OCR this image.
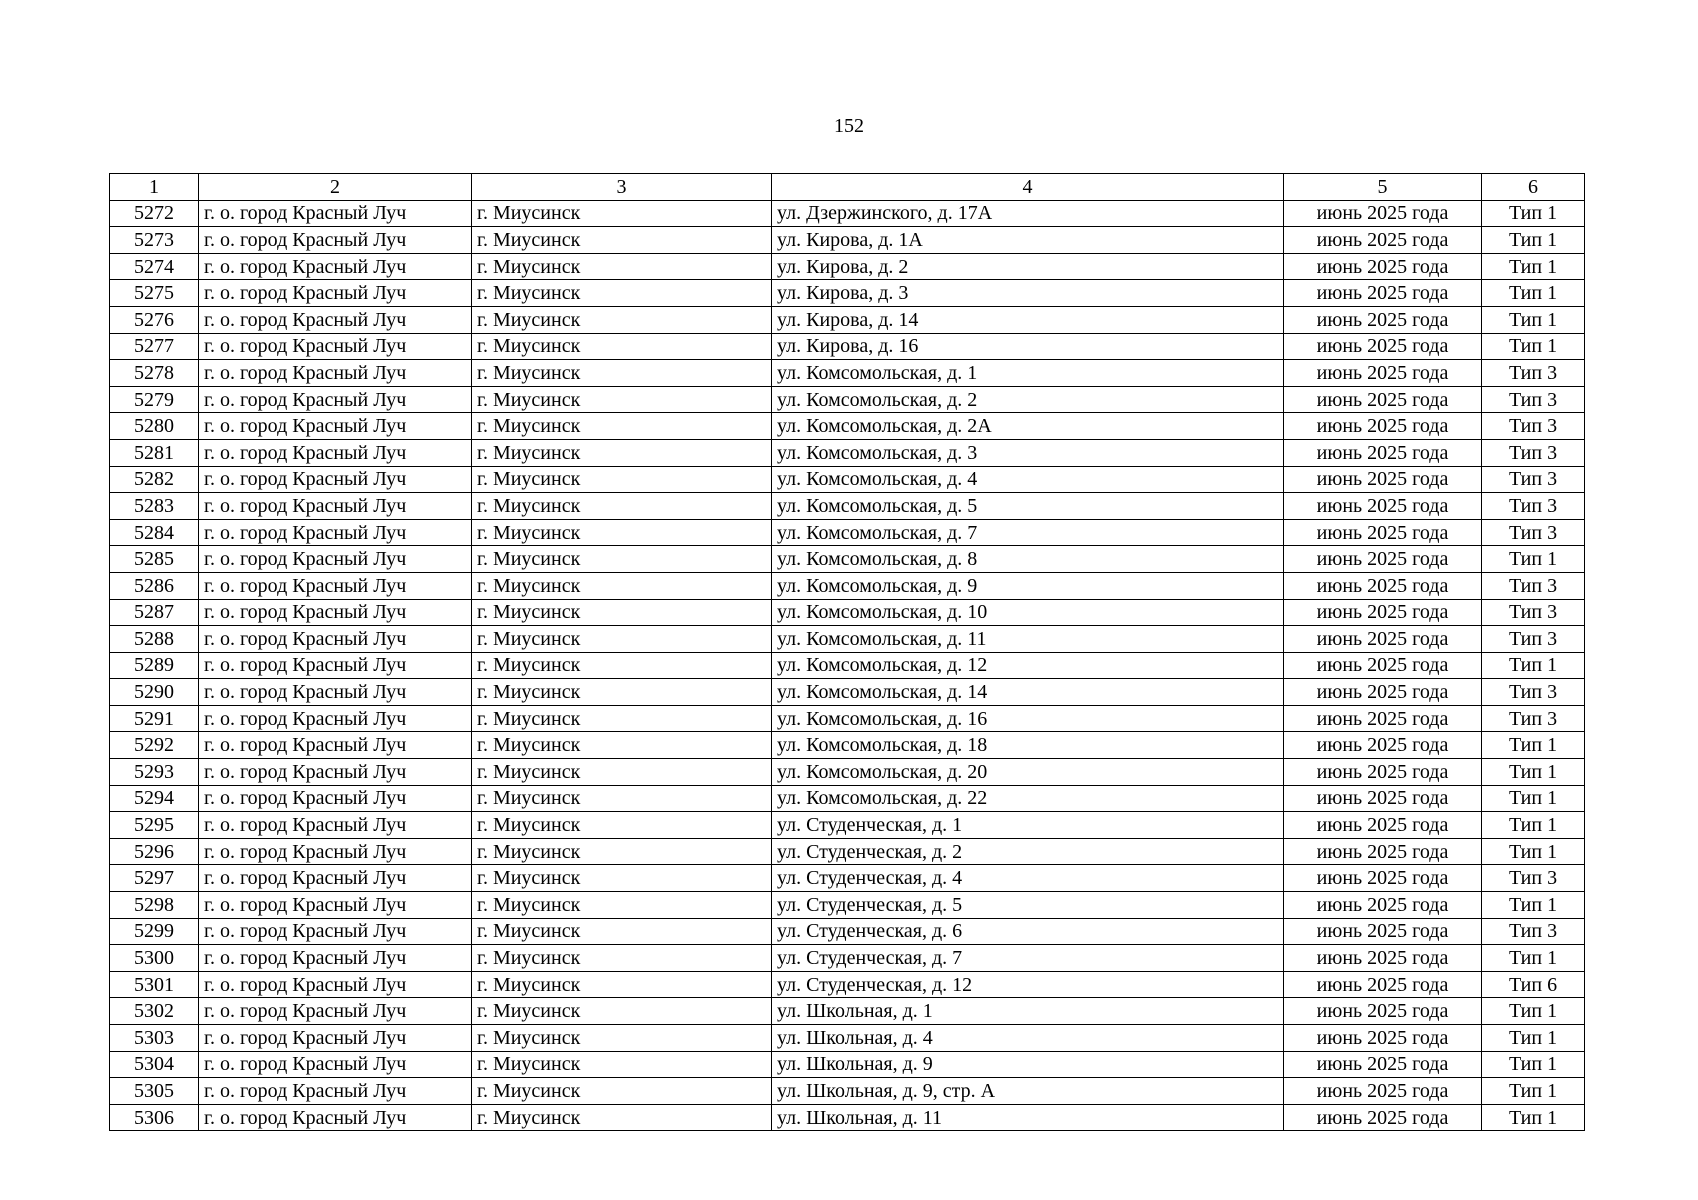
152
1	2	3	4	5	6
5272	г. о. город Красный Луч	г. Миусинск	ул. Дзержинского, д. 17А	июнь 2025 года	Тип 1
5273	г. о. город Красный Луч	г. Миусинск	ул. Кирова, д. 1А	июнь 2025 года	Тип 1
5274	г. о. город Красный Луч	г. Миусинск	ул. Кирова, д. 2	июнь 2025 года	Тип 1
5275	г. о. город Красный Луч	г. Миусинск	ул. Кирова, д. 3	июнь 2025 года	Тип 1
5276	г. о. город Красный Луч	г. Миусинск	ул. Кирова, д. 14	июнь 2025 года	Тип 1
5277	г. о. город Красный Луч	г. Миусинск	ул. Кирова, д. 16	июнь 2025 года	Тип 1
5278	г. о. город Красный Луч	г. Миусинск	ул. Комсомольская, д. 1	июнь 2025 года	Тип 3
5279	г. о. город Красный Луч	г. Миусинск	ул. Комсомольская, д. 2	июнь 2025 года	Тип 3
5280	г. о. город Красный Луч	г. Миусинск	ул. Комсомольская, д. 2А	июнь 2025 года	Тип 3
5281	г. о. город Красный Луч	г. Миусинск	ул. Комсомольская, д. 3	июнь 2025 года	Тип 3
5282	г. о. город Красный Луч	г. Миусинск	ул. Комсомольская, д. 4	июнь 2025 года	Тип 3
5283	г. о. город Красный Луч	г. Миусинск	ул. Комсомольская, д. 5	июнь 2025 года	Тип 3
5284	г. о. город Красный Луч	г. Миусинск	ул. Комсомольская, д. 7	июнь 2025 года	Тип 3
5285	г. о. город Красный Луч	г. Миусинск	ул. Комсомольская, д. 8	июнь 2025 года	Тип 1
5286	г. о. город Красный Луч	г. Миусинск	ул. Комсомольская, д. 9	июнь 2025 года	Тип 3
5287	г. о. город Красный Луч	г. Миусинск	ул. Комсомольская, д. 10	июнь 2025 года	Тип 3
5288	г. о. город Красный Луч	г. Миусинск	ул. Комсомольская, д. 11	июнь 2025 года	Тип 3
5289	г. о. город Красный Луч	г. Миусинск	ул. Комсомольская, д. 12	июнь 2025 года	Тип 1
5290	г. о. город Красный Луч	г. Миусинск	ул. Комсомольская, д. 14	июнь 2025 года	Тип 3
5291	г. о. город Красный Луч	г. Миусинск	ул. Комсомольская, д. 16	июнь 2025 года	Тип 3
5292	г. о. город Красный Луч	г. Миусинск	ул. Комсомольская, д. 18	июнь 2025 года	Тип 1
5293	г. о. город Красный Луч	г. Миусинск	ул. Комсомольская, д. 20	июнь 2025 года	Тип 1
5294	г. о. город Красный Луч	г. Миусинск	ул. Комсомольская, д. 22	июнь 2025 года	Тип 1
5295	г. о. город Красный Луч	г. Миусинск	ул. Студенческая, д. 1	июнь 2025 года	Тип 1
5296	г. о. город Красный Луч	г. Миусинск	ул. Студенческая, д. 2	июнь 2025 года	Тип 1
5297	г. о. город Красный Луч	г. Миусинск	ул. Студенческая, д. 4	июнь 2025 года	Тип 3
5298	г. о. город Красный Луч	г. Миусинск	ул. Студенческая, д. 5	июнь 2025 года	Тип 1
5299	г. о. город Красный Луч	г. Миусинск	ул. Студенческая, д. 6	июнь 2025 года	Тип 3
5300	г. о. город Красный Луч	г. Миусинск	ул. Студенческая, д. 7	июнь 2025 года	Тип 1
5301	г. о. город Красный Луч	г. Миусинск	ул. Студенческая, д. 12	июнь 2025 года	Тип 6
5302	г. о. город Красный Луч	г. Миусинск	ул. Школьная, д. 1	июнь 2025 года	Тип 1
5303	г. о. город Красный Луч	г. Миусинск	ул. Школьная, д. 4	июнь 2025 года	Тип 1
5304	г. о. город Красный Луч	г. Миусинск	ул. Школьная, д. 9	июнь 2025 года	Тип 1
5305	г. о. город Красный Луч	г. Миусинск	ул. Школьная, д. 9, стр. А	июнь 2025 года	Тип 1
5306	г. о. город Красный Луч	г. Миусинск	ул. Школьная, д. 11	июнь 2025 года	Тип 1
